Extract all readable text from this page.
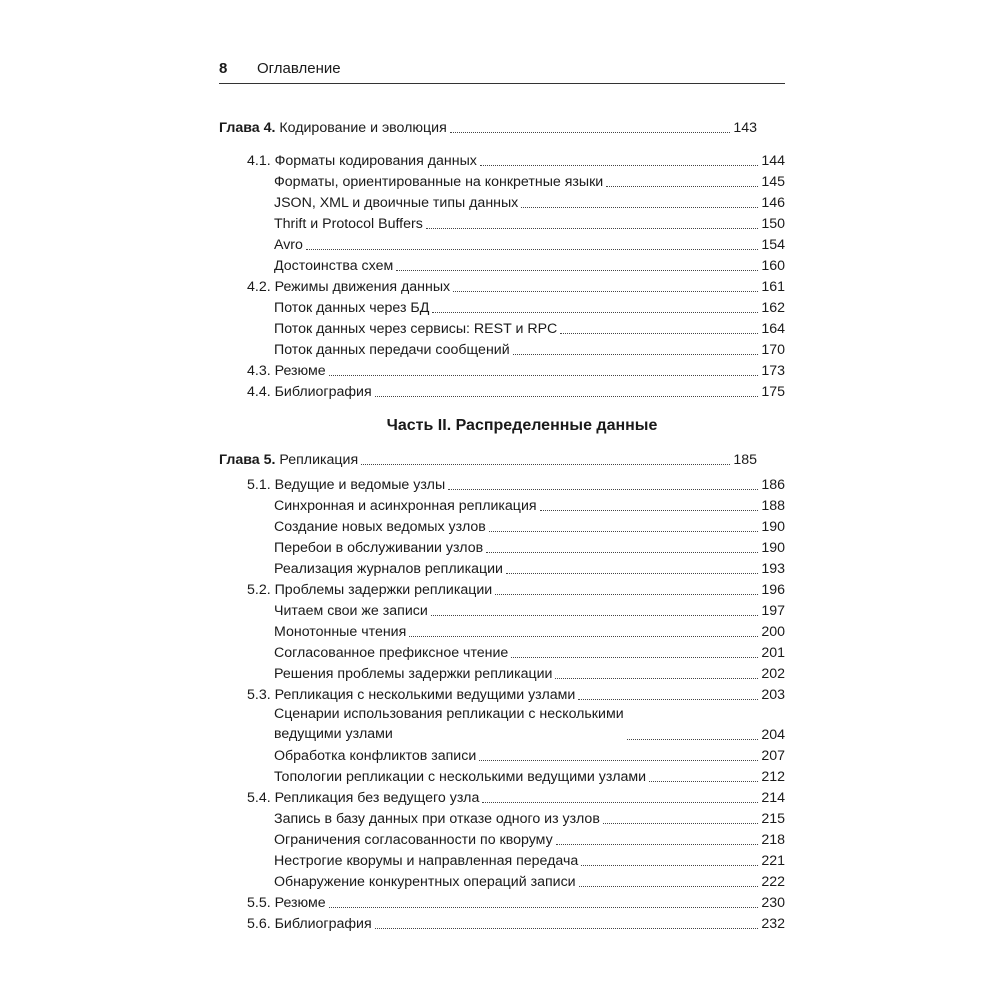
8 Оглавление
Глава 4. Кодирование и эволюция	143
4.1. Форматы кодирования данных	144
Форматы, ориентированные на конкретные языки	145
JSON, XML и двоичные типы данных	146
Thrift и Protocol Buffers	150
Avro	154
Достоинства схем	160
4.2. Режимы движения данных	161
Поток данных через БД	162
Поток данных через сервисы: REST и RPC	164
Поток данных передачи сообщений	170
4.3. Резюме	173
4.4. Библиография	175
Часть II. Распределенные данные
Глава 5. Репликация	185
5.1. Ведущие и ведомые узлы	186
Синхронная и асинхронная репликация	188
Создание новых ведомых узлов	190
Перебои в обслуживании узлов	190
Реализация журналов репликации	193
5.2. Проблемы задержки репликации	196
Читаем свои же записи	197
Монотонные чтения	200
Согласованное префиксное чтение	201
Решения проблемы задержки репликации	202
5.3. Репликация с несколькими ведущими узлами	203
Сценарии использования репликации с несколькими
ведущими узлами	204
Обработка конфликтов записи	207
Топологии репликации с несколькими ведущими узлами	212
5.4. Репликация без ведущего узла	214
Запись в базу данных при отказе одного из узлов	215
Ограничения согласованности по кворуму	218
Нестрогие кворумы и направленная передача	221
Обнаружение конкурентных операций записи	222
5.5. Резюме	230
5.6. Библиография	232
